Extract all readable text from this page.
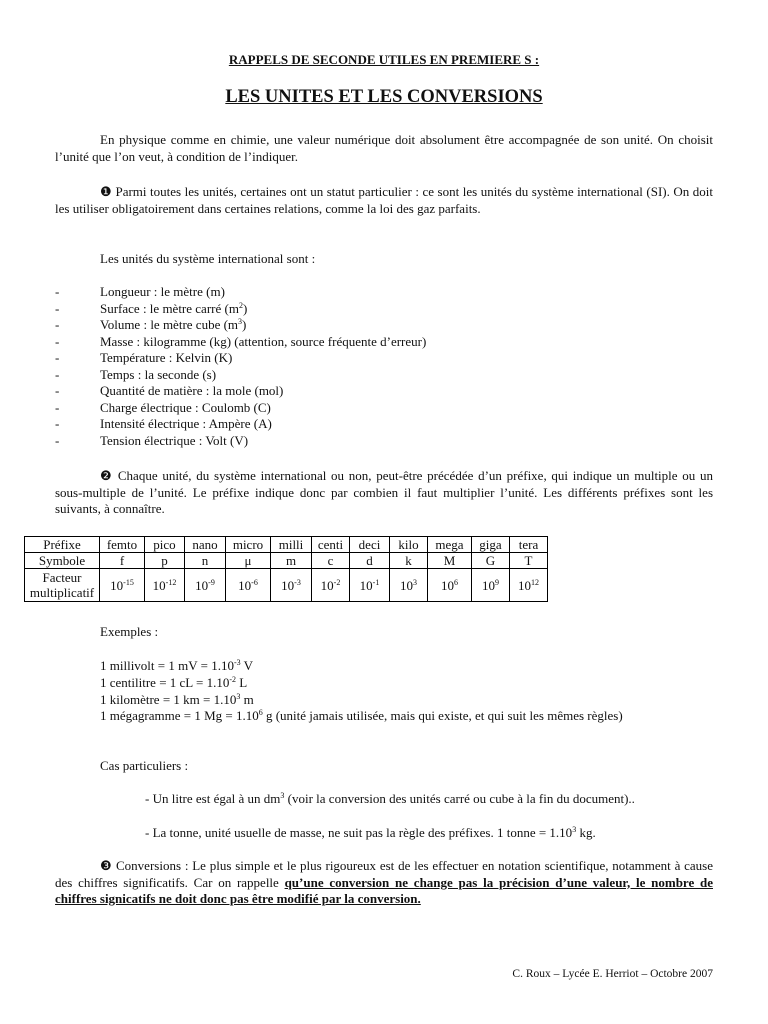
RAPPELS DE SECONDE UTILES EN PREMIERE S :
LES UNITES ET LES CONVERSIONS

En physique comme en chimie, une valeur numérique doit absolument être accompagnée de son unité. On choisit l’unité que l’on veut, à condition de l’indiquer.

❶ Parmi toutes les unités, certaines ont un statut particulier : ce sont les unités du système international (SI). On doit les utiliser obligatoirement dans certaines relations, comme la loi des gaz parfaits.

Les unités du système international sont :

- Longueur : le mètre (m)
- Surface : le mètre carré $(m^2)$
- Volume : le mètre cube $(m^3)$
- Masse : kilogramme (kg) (attention, source fréquente d’erreur)
- Température : Kelvin (K)
- Temps : la seconde (s)
- Quantité de matière : la mole (mol)
- Charge électrique : Coulomb (C)
- Intensité électrique : Ampère (A)
- Tension électrique : Volt (V)

❷ Chaque unité, du système international ou non, peut-être précédée d’un préfixe, qui indique un multiple ou un sous-multiple de l’unité. Le préfixe indique donc par combien il faut multiplier l’unité. Les différents préfixes sont les suivants, à connaître.

Préfixe	femto	pico	nano	micro	milli	centi	deci	kilo	mega	giga	tera
Symbole	f	p	n	μ	m	c	d	k	M	G	T
Facteur
multiplicatif	$10^{-15}$	$10^{-12}$	$10^{-9}$	$10^{-6}$	$10^{-3}$	$10^{-2}$	$10^{-1}$	$10^3$	$10^6$	$10^9$	$10^{12}$
Exemples :
1 millivolt = 1 mV = $1.10^{-3}$ V
1 centilitre = 1 cL = $1.10^{-2}$ L
1 kilomètre = 1 km = $1.10^3$ m

1 mégagramme = 1 $Mg = 1.10^6$ g (unité jamais utilisée, mais qui existe, et qui suit les mêmes règles)

Cas particuliers :
- Un litre est égal à un $dm^3$ (voir la conversion des unités carré ou cube à la fin du document)..
- La tonne, unité usuelle de masse, ne suit pas la règle des préfixes. 1 tonne = $1.10^3$ kg.

❸ Conversions : Le plus simple et le plus rigoureux est de les effectuer en notation scientifique, notamment à cause des chiffres significatifs. Car on rappelle qu’une conversion ne change pas la précision d’une valeur, le nombre de chiffres signicatifs ne doit donc pas être modifié par la conversion.

C. Roux – Lycée E. Herriot – Octobre 2007
